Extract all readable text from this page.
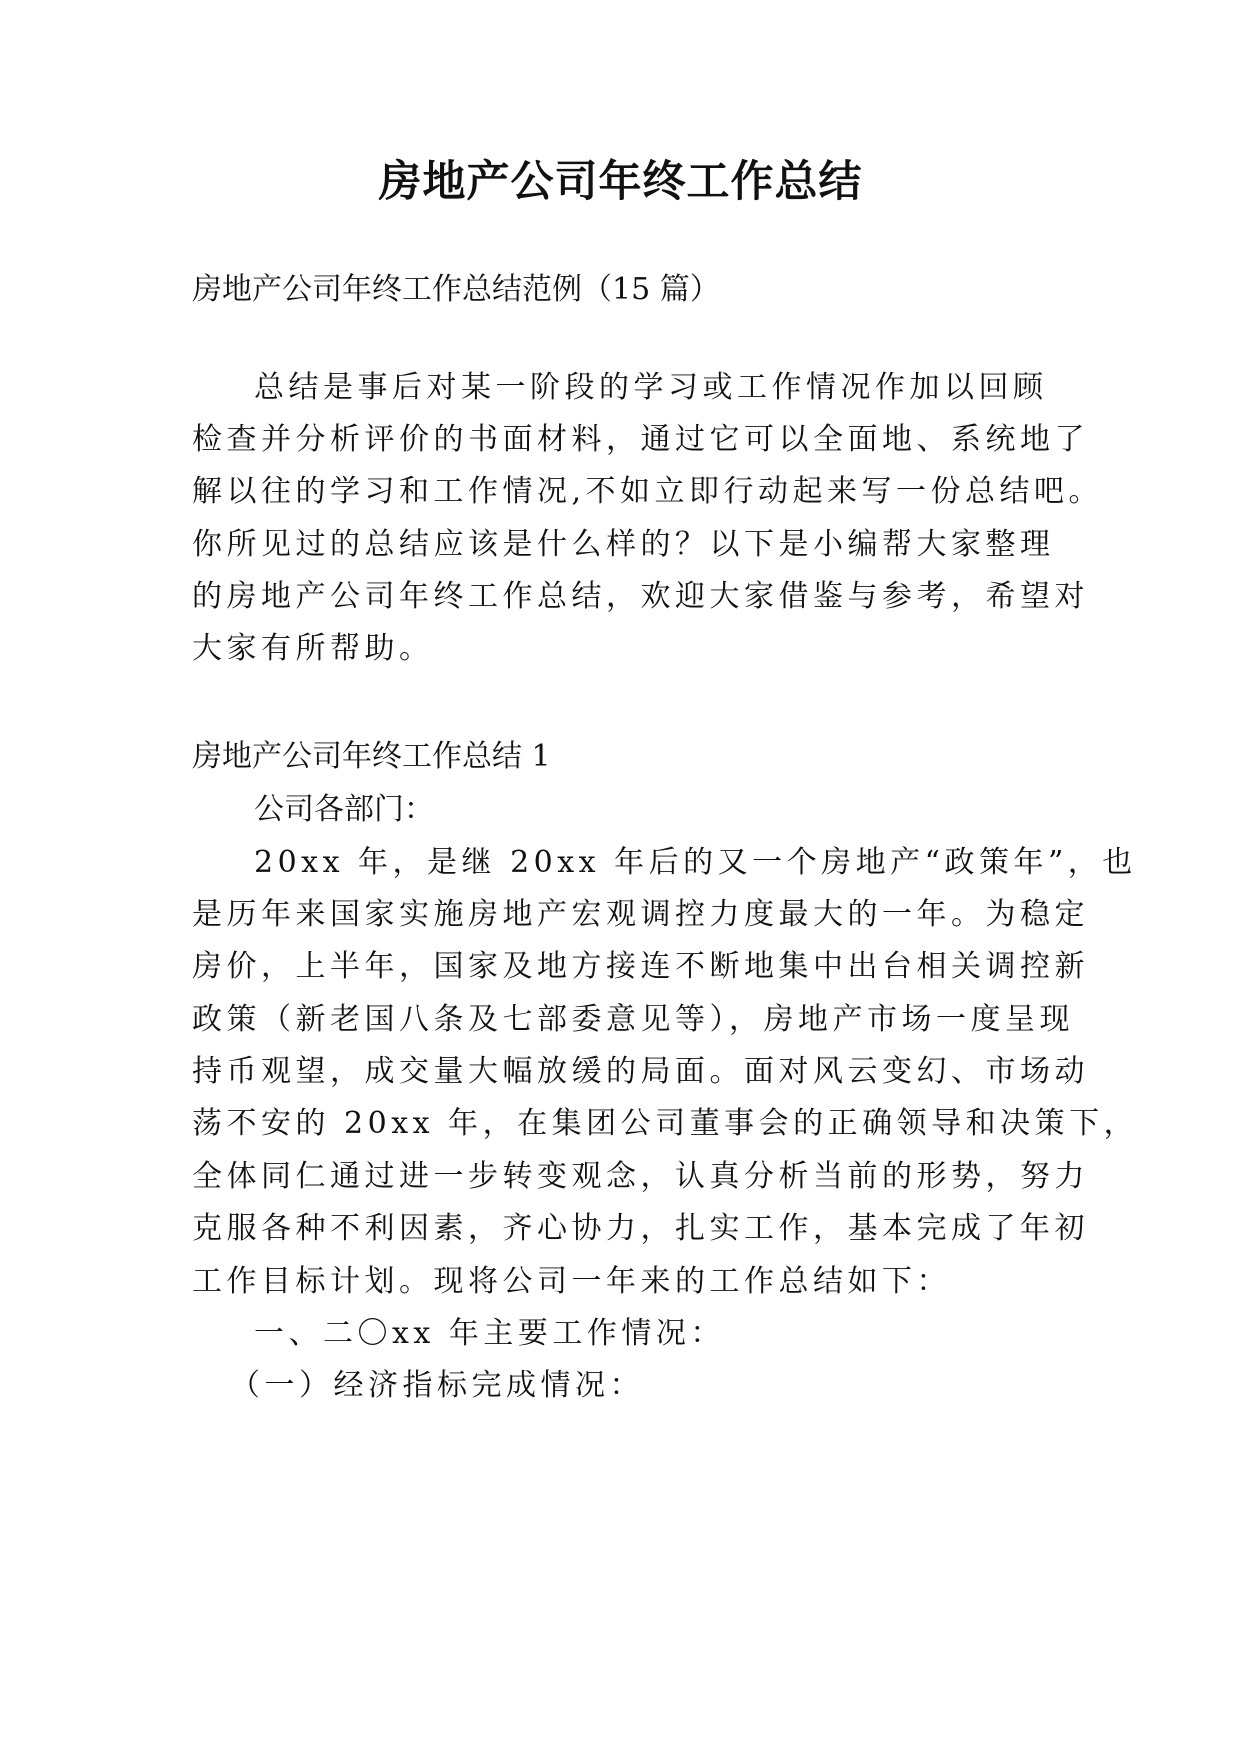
房地产公司年终工作总结

房地产公司年终工作总结范例（15 篇）

总结是事后对某一阶段的学习或工作情况作加以回顾

检查并分析评价的书面材料，通过它可以全面地、系统地了

解以往的学习和工作情况,不如立即行动起来写一份总结吧。

你所见过的总结应该是什么样的？以下是小编帮大家整理

的房地产公司年终工作总结，欢迎大家借鉴与参考，希望对

大家有所帮助。

房地产公司年终工作总结 1

公司各部门：

20xx 年，是继 20xx 年后的又一个房地产“政策年”，也

是历年来国家实施房地产宏观调控力度最大的一年。为稳定

房价，上半年，国家及地方接连不断地集中出台相关调控新

政策（新老国八条及七部委意见等），房地产市场一度呈现

持币观望，成交量大幅放缓的局面。面对风云变幻、市场动

荡不安的 20xx 年，在集团公司董事会的正确领导和决策下，

全体同仁通过进一步转变观念，认真分析当前的形势，努力

克服各种不利因素，齐心协力，扎实工作，基本完成了年初

工作目标计划。现将公司一年来的工作总结如下：

一、二〇xx 年主要工作情况：

（一）经济指标完成情况：
